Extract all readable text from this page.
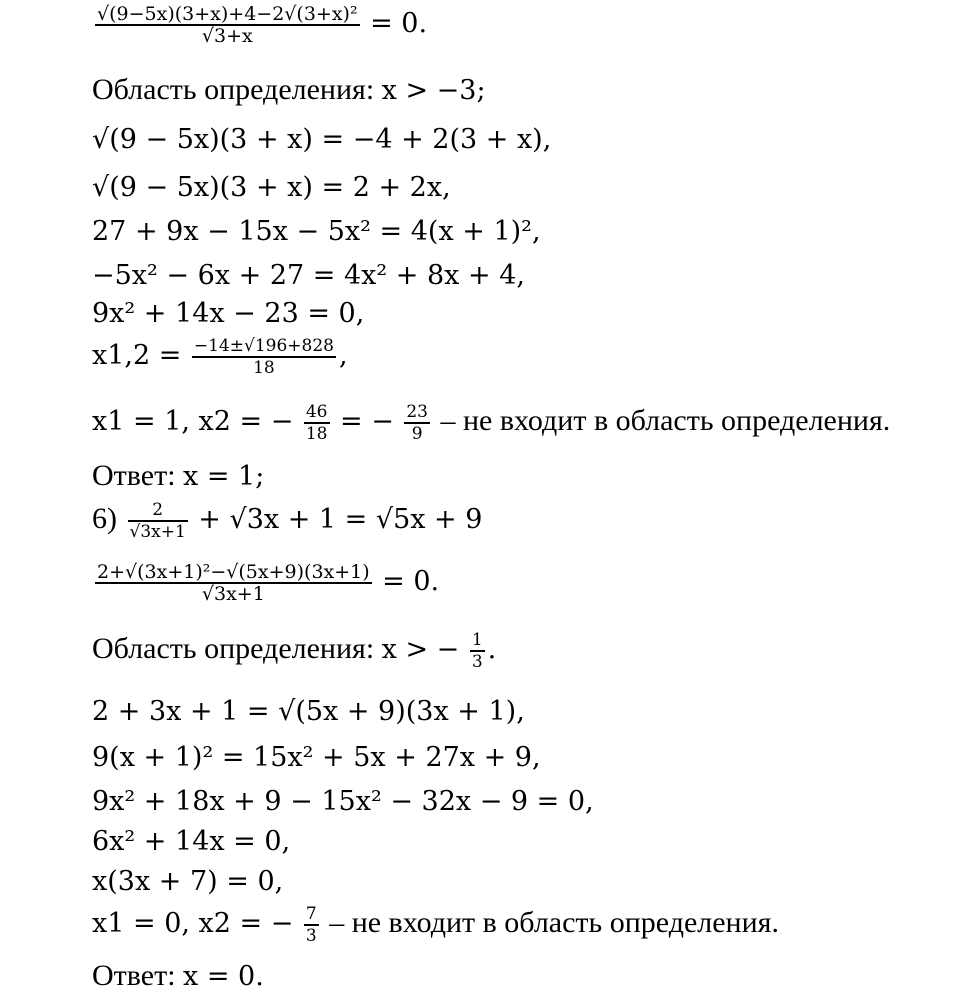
$\frac{\text{√(9−5x)(3+x)+4−2√(3+x)²}}{√3+x} = 0$.
Область определения: x > −3;
√(9 − 5x)(3 + x) = −4 + 2(3 + x),
√(9 − 5x)(3 + x) = 2 + 2x,
27 + 9x − 15x − 5x² = 4(x + 1)²,
−5x² − 6x + 27 = 4x² + 8x + 4,
9x² + 14x − 23 = 0,
$x1,2 = \frac{-14\pm√196+828}{18}$ ,
x1 = 1, x2 = − $\frac{46}{18}$ = − $\frac{23}{9}$ – не входит в область определения.
Ответ: x = 1;
$6) \frac{2}{√3x+1} + √3x + 1 = √5x + 9$
$\frac{\text{2+√(3x+1)²−√(5x+9)(3x+1)}}{√3x+1} = 0$.
Область определения: x > − $\frac{1}{3}$ .
2 + 3x + 1 = √(5x + 9)(3x + 1),
9(x + 1)² = 15x² + 5x + 27x + 9,
9x² + 18x + 9 − 15x² − 32x − 9 = 0,
6x² + 14x = 0,
x(3x + 7) = 0,
x1 = 0, x2 = − $\frac{7}{3}$ – не входит в область определения.
Ответ: x = 0.
